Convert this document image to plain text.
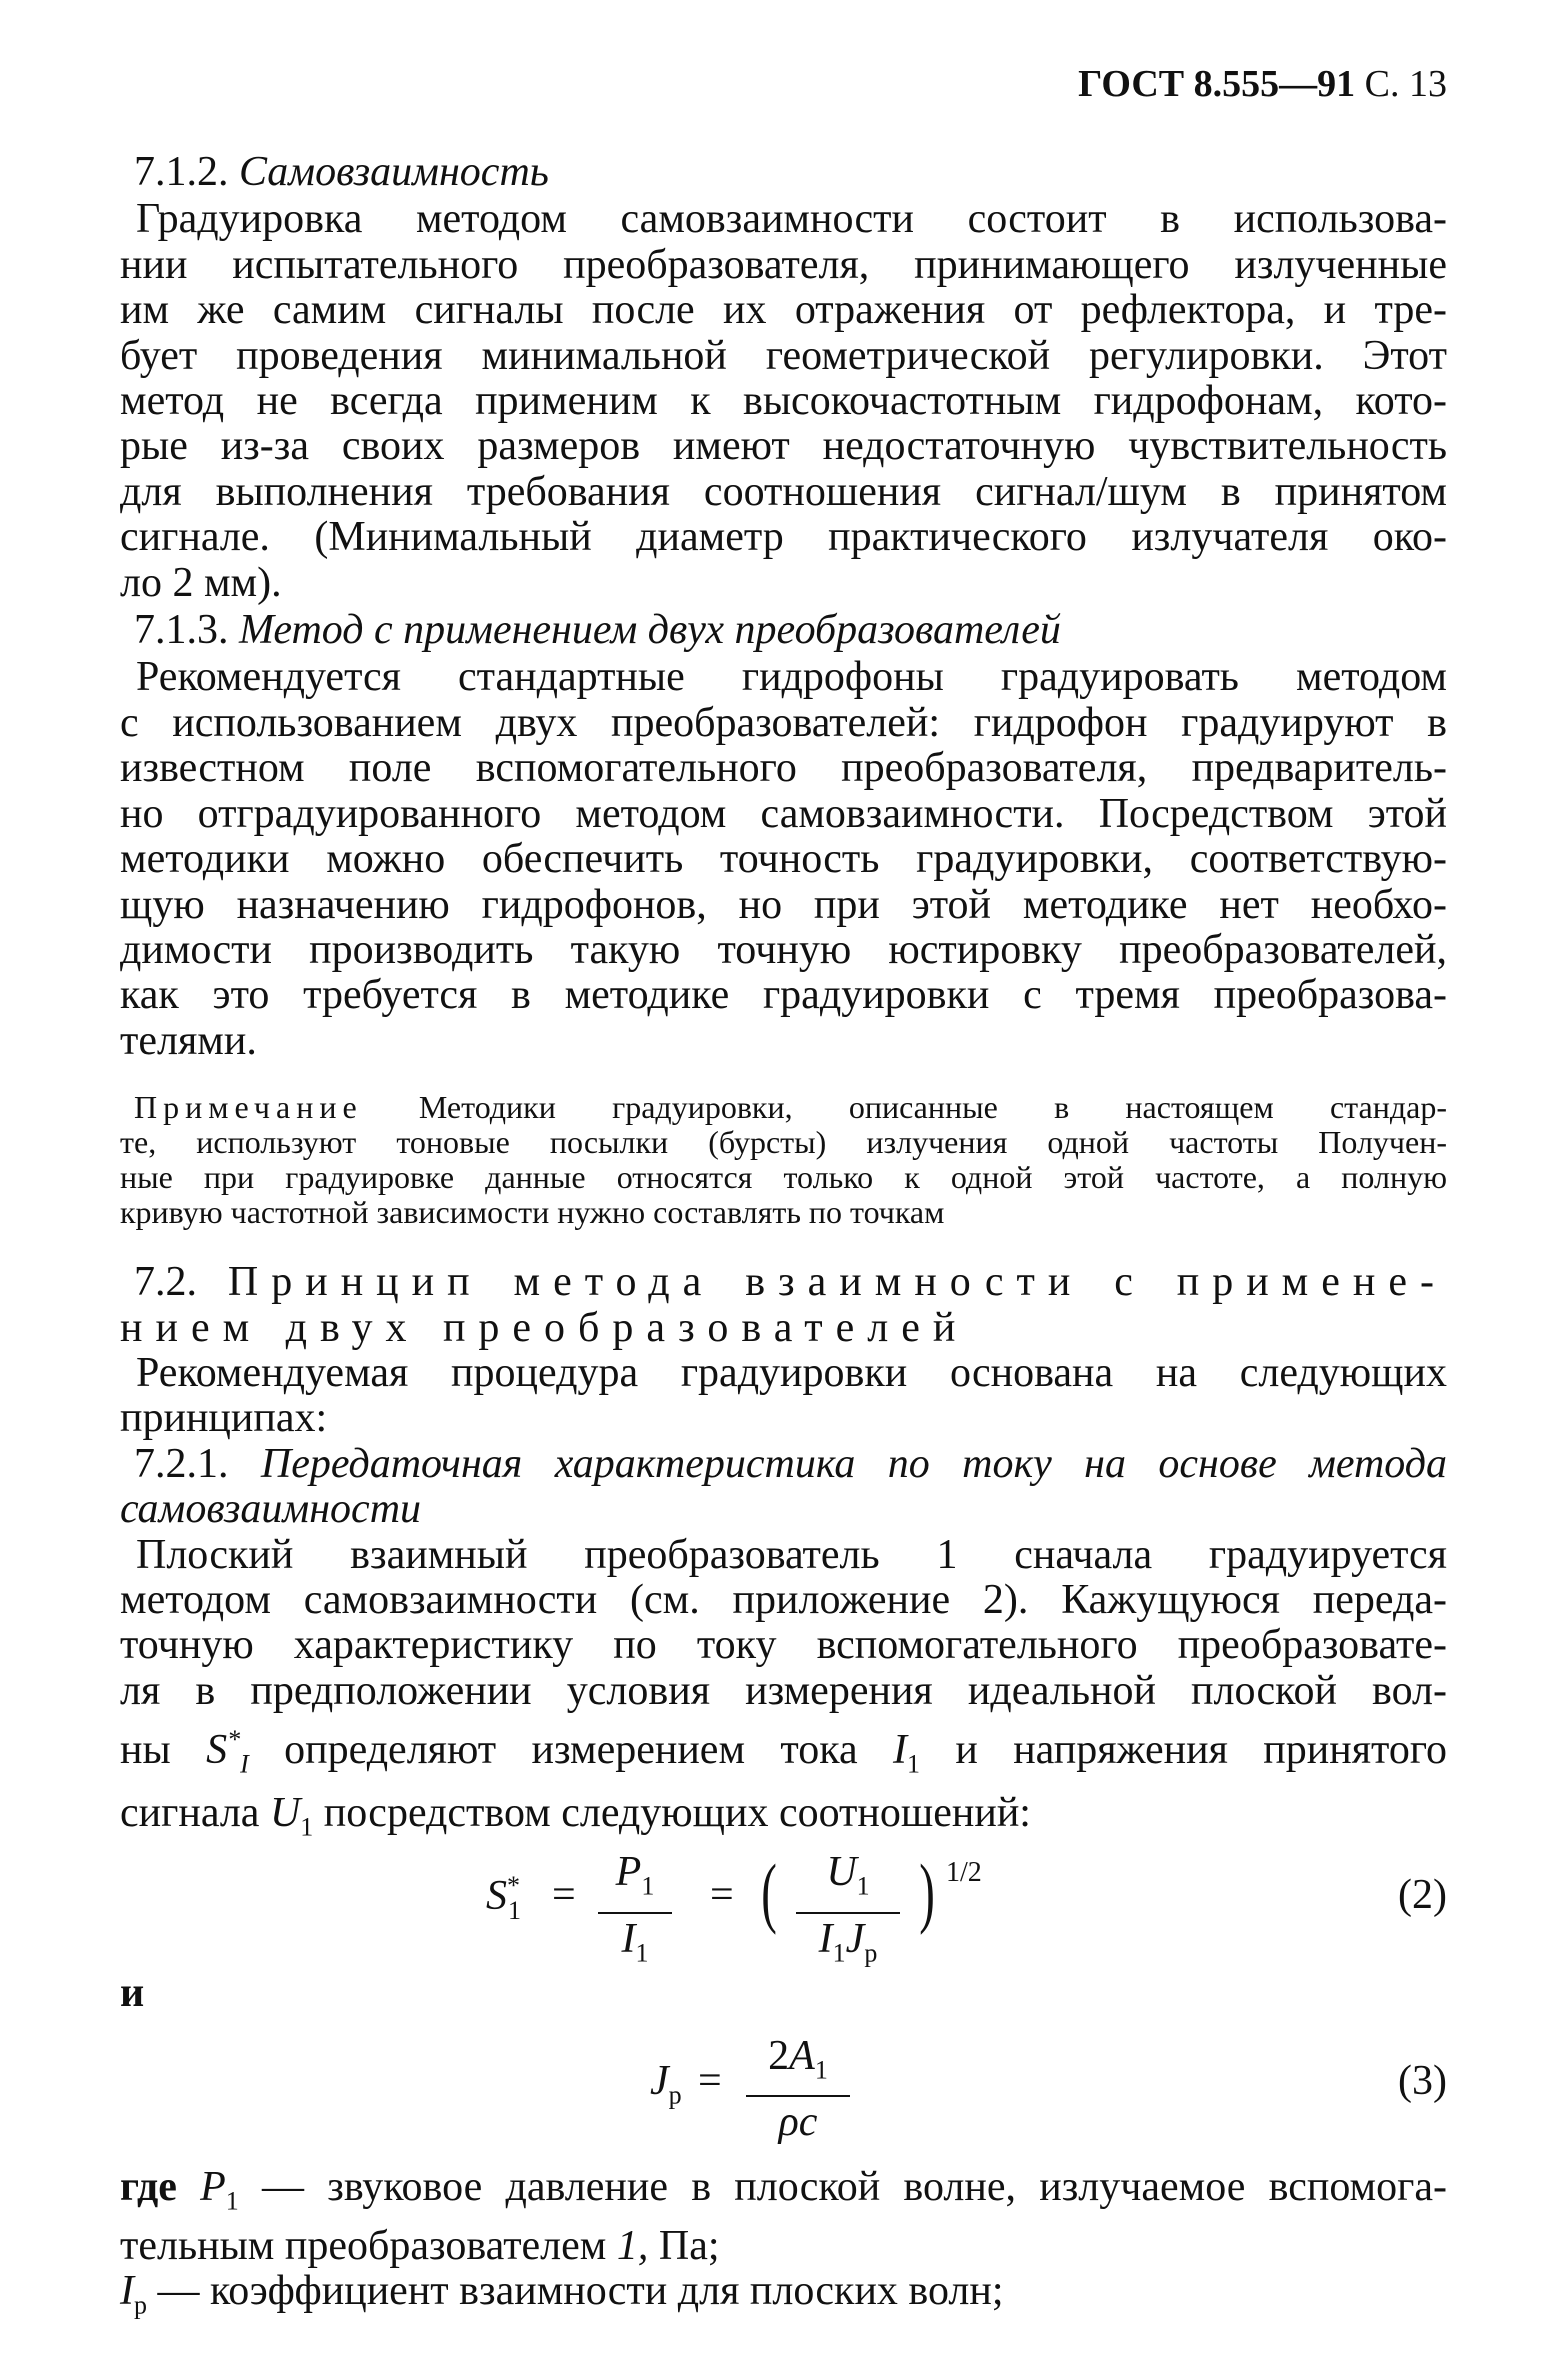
ГОСТ 8.555—91 С. 13

7.1.2. Самовзаимность

Градуировка методом самовзаимности состоит в использова-

нии испытательного преобразователя, принимающего излученные

им же самим сигналы после их отражения от рефлектора, и тре-

бует проведения минимальной геометрической регулировки. Этот

метод не всегда применим к высокочастотным гидрофонам, кото-

рые из-за своих размеров имеют недостаточную чувствительность

для выполнения требования соотношения сигнал/шум в принятом

сигнале. (Минимальный диаметр практического излучателя око-

ло 2 мм).

7.1.3. Метод с применением двух преобразователей

Рекомендуется стандартные гидрофоны градуировать методом

с использованием двух преобразователей: гидрофон градуируют в

известном поле вспомогательного преобразователя, предваритель-

но отградуированного методом самовзаимности. Посредством этой

методики можно обеспечить точность градуировки, соответствую-

щую назначению гидрофонов, но при этой методике нет необхо-

димости производить такую точную юстировку преобразователей,

как это требуется в методике градуировки с тремя преобразова-

телями.

Примечание Методики градуировки, описанные в настоящем стандар-

те, используют тоновые посылки (бурсты) излучения одной частоты Получен-

ные при градуировке данные относятся только к одной этой частоте, а полную

кривую частотной зависимости нужно составлять по точкам

7.2. Принцип метода взаимности с примене-

нием двух преобразователей

Рекомендуемая процедура градуировки основана на следующих

принципах:

7.2.1. Передаточная характеристика по току на основе метода

самовзаимности

Плоский взаимный преобразователь 1 сначала градуируется

методом самовзаимности (см. приложение 2). Кажущуюся переда-

точную характеристику по току вспомогательного преобразовате-

ля в предположении условия измерения идеальной плоской вол-

ны $S^*_I$ определяют измерением тока $I_1$ и напряжения принятого

сигнала $U_1$ посредством следующих соотношений:

$S^*_1 = P_1$
$I_1$
= (	$U_1$
$I_1J_p$
) 1/2	(2)

и

$J_p$ =
$2A_1$
ρc
(3)

где $P_1$ — звуковое давление в плоской волне, излучаемое вспомога-

тельным преобразователем 1, Па;

$I_p$ — коэффициент взаимности для плоских волн;
